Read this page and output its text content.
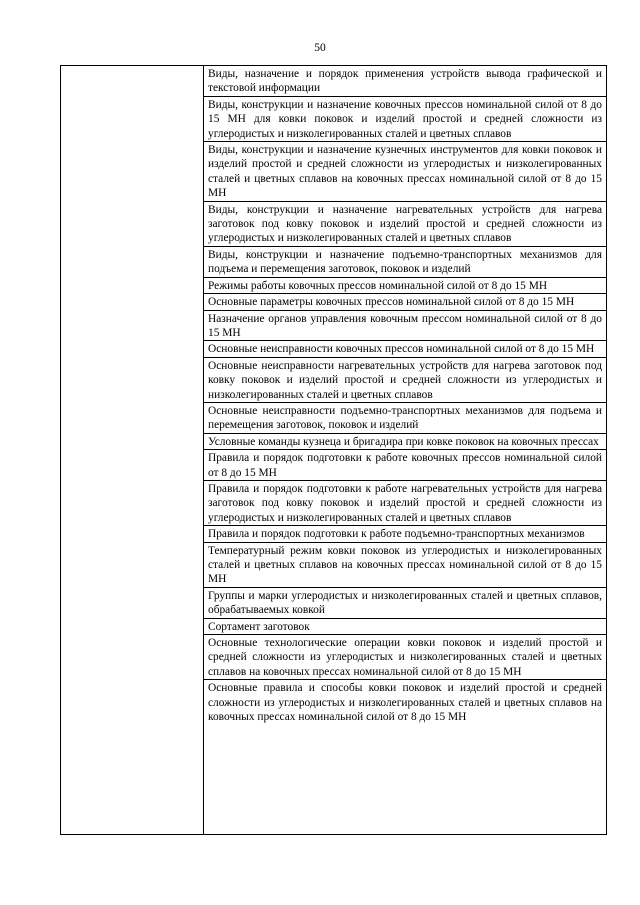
50

Виды, назначение и порядок применения устройств вывода графической и текстовой информации
Виды, конструкции и назначение ковочных прессов номинальной силой от 8 до 15 МН для ковки поковок и изделий простой и средней сложности из углеродистых и низколегированных сталей и цветных сплавов
Виды, конструкции и назначение кузнечных инструментов для ковки поковок и изделий простой и средней сложности из углеродистых и низколегированных сталей и цветных сплавов на ковочных прессах номинальной силой от 8 до 15 МН
Виды, конструкции и назначение нагревательных устройств для нагрева заготовок под ковку поковок и изделий простой и средней сложности из углеродистых и низколегированных сталей и цветных сплавов
Виды, конструкции и назначение подъемно-транспортных механизмов для подъема и перемещения заготовок, поковок и изделий
Режимы работы ковочных прессов номинальной силой от 8 до 15 МН
Основные параметры ковочных прессов номинальной силой от 8 до 15 МН
Назначение органов управления ковочным прессом номинальной силой от 8 до 15 МН
Основные неисправности ковочных прессов номинальной силой от 8 до 15 МН
Основные неисправности нагревательных устройств для нагрева заготовок под ковку поковок и изделий простой и средней сложности из углеродистых и низколегированных сталей и цветных сплавов
Основные неисправности подъемно-транспортных механизмов для подъема и перемещения заготовок, поковок и изделий
Условные команды кузнеца и бригадира при ковке поковок на ковочных прессах
Правила и порядок подготовки к работе ковочных прессов номинальной силой от 8 до 15 МН
Правила и порядок подготовки к работе нагревательных устройств для нагрева заготовок под ковку поковок и изделий простой и средней сложности из углеродистых и низколегированных сталей и цветных сплавов
Правила и порядок подготовки к работе подъемно-транспортных механизмов
Температурный режим ковки поковок из углеродистых и низколегированных сталей и цветных сплавов на ковочных прессах номинальной силой от 8 до 15 МН
Группы и марки углеродистых и низколегированных сталей и цветных сплавов, обрабатываемых ковкой
Сортамент заготовок
Основные технологические операции ковки поковок и изделий простой и средней сложности из углеродистых и низколегированных сталей и цветных сплавов на ковочных прессах номинальной силой от 8 до 15 МН
Основные правила и способы ковки поковок и изделий простой и средней сложности из углеродистых и низколегированных сталей и цветных сплавов на ковочных прессах номинальной силой от 8 до 15 МН
